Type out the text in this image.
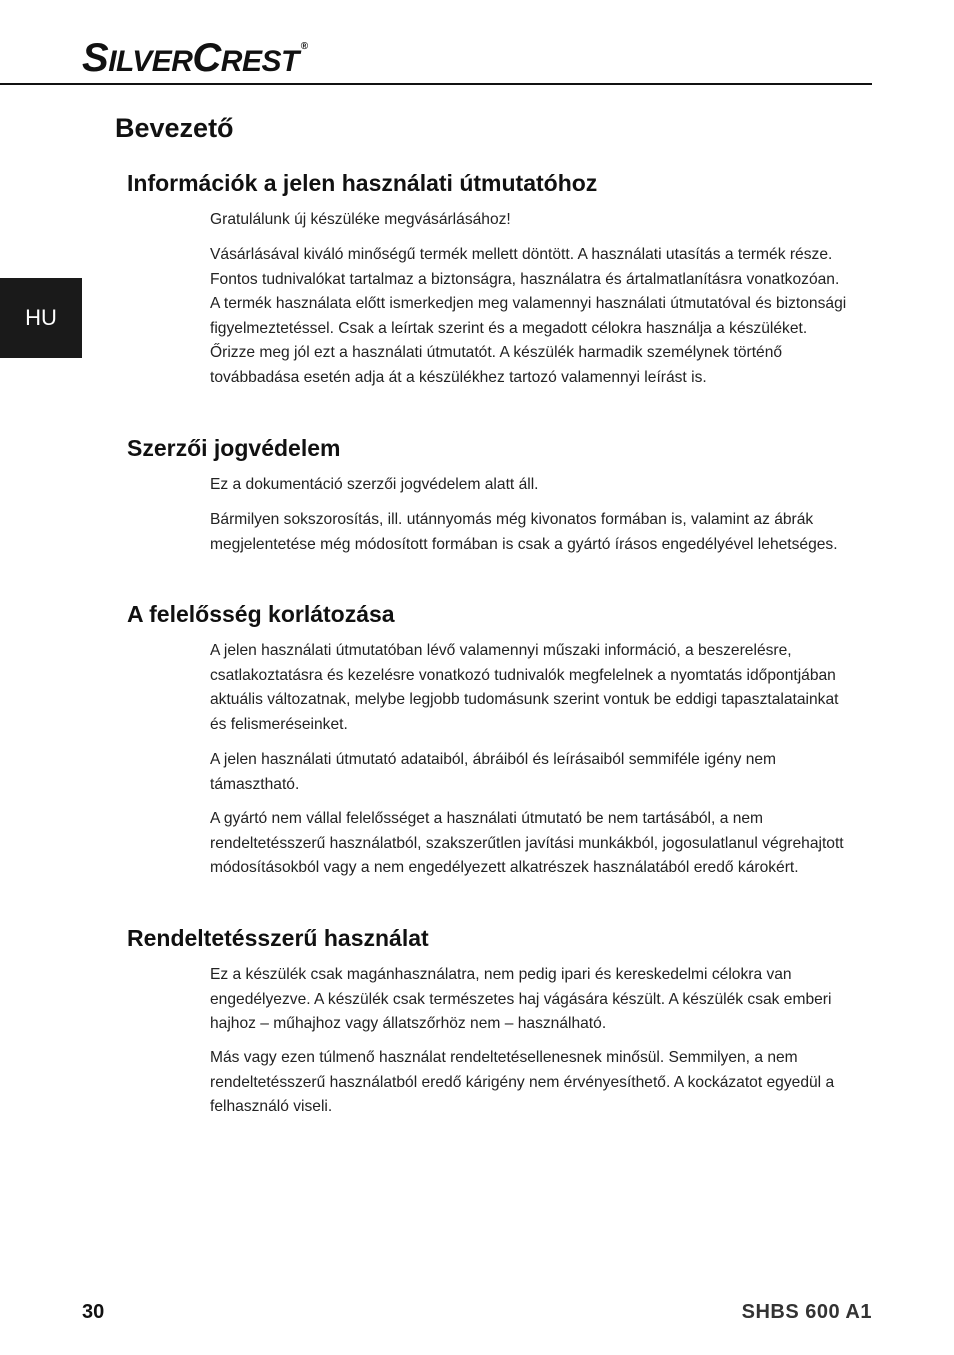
SILVERCREST ®
HU
Bevezető
Információk a jelen használati útmutatóhoz

Gratulálunk új készüléke megvásárlásához!

Vásárlásával kiváló minőségű termék mellett döntött. A használati utasítás a termék része. Fontos tudnivalókat tartalmaz a biztonságra, használatra és ártalmatlanításra vonatkozóan. A termék használata előtt ismerkedjen meg valamennyi használati útmutatóval és biztonsági figyelmeztetéssel. Csak a leírtak szerint és a megadott célokra használja a készüléket. Őrizze meg jól ezt a használati útmutatót. A készülék harmadik személynek történő továbbadása esetén adja át a készülékhez tartozó valamennyi leírást is.

Szerzői jogvédelem

Ez a dokumentáció szerzői jogvédelem alatt áll.

Bármilyen sokszorosítás, ill. utánnyomás még kivonatos formában is, valamint az ábrák megjelentetése még módosított formában is csak a gyártó írásos engedélyével lehetséges.

A felelősség korlátozása

A jelen használati útmutatóban lévő valamennyi műszaki információ, a beszerelésre, csatlakoztatásra és kezelésre vonatkozó tudnivalók megfelelnek a nyomtatás időpontjában aktuális változatnak, melybe legjobb tudomásunk szerint vontuk be eddigi tapasztalatainkat és felismeréseinket.

A jelen használati útmutató adataiból, ábráiból és leírásaiból semmiféle igény nem támasztható.

A gyártó nem vállal felelősséget a használati útmutató be nem tartásából, a nem rendeltetésszerű használatból, szakszerűtlen javítási munkákból, jogosulatlanul végrehajtott módosításokból vagy a nem engedélyezett alkatrészek használatából eredő károkért.

Rendeltetésszerű használat

Ez a készülék csak magánhasználatra, nem pedig ipari és kereskedelmi célokra van engedélyezve. A készülék csak természetes haj vágására készült. A készülék csak emberi hajhoz – műhajhoz vagy állatszőrhöz nem – használható.

Más vagy ezen túlmenő használat rendeltetésellenesnek minősül. Semmilyen, a nem rendeltetésszerű használatból eredő kárigény nem érvényesíthető. A kockázatot egyedül a felhasználó viseli.

30	SHBS 600 A1
